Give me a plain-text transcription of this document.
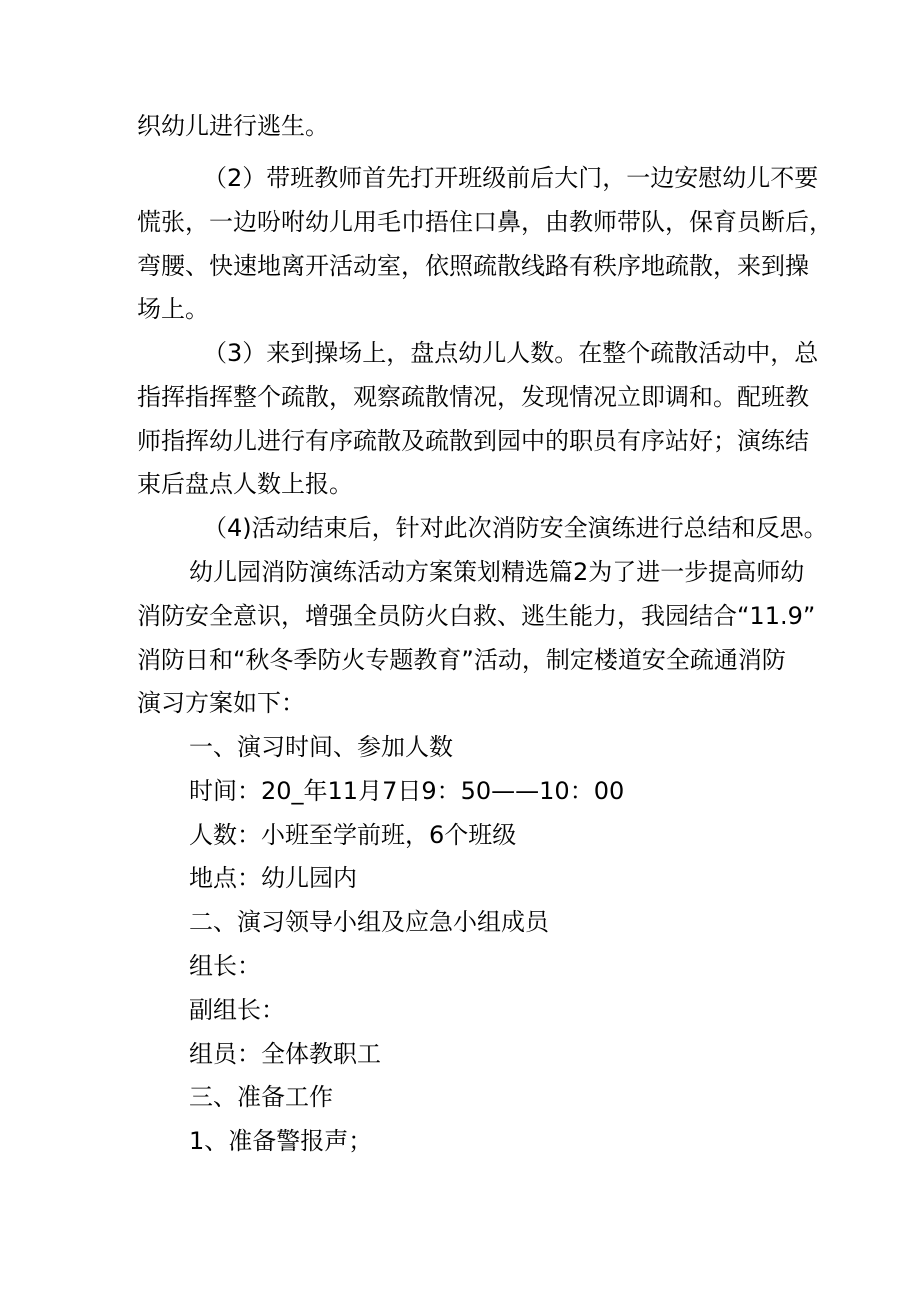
织幼儿进行逃生。
（2）带班教师首先打开班级前后大门，一边安慰幼儿不要
慌张，一边吩咐幼儿用毛巾捂住口鼻，由教师带队，保育员断后，
弯腰、快速地离开活动室，依照疏散线路有秩序地疏散，来到操
场上。
（3）来到操场上，盘点幼儿人数。在整个疏散活动中，总
指挥指挥整个疏散，观察疏散情况，发现情况立即调和。配班教
师指挥幼儿进行有序疏散及疏散到园中的职员有序站好；演练结
束后盘点人数上报。
（4)活动结束后，针对此次消防安全演练进行总结和反思。
幼儿园消防演练活动方案策划精选篇2为了进一步提高师幼
消防安全意识，增强全员防火白救、逃生能力，我园结合“11.9”
消防日和“秋冬季防火专题教育”活动，制定楼道安全疏通消防
演习方案如下：
一、演习时间、参加人数
时间：20_年11月7日9：50——10：00
人数：小班至学前班，6个班级
地点：幼儿园内
二、演习领导小组及应急小组成员
组长：
副组长：
组员：全体教职工
三、准备工作
1、准备警报声；
